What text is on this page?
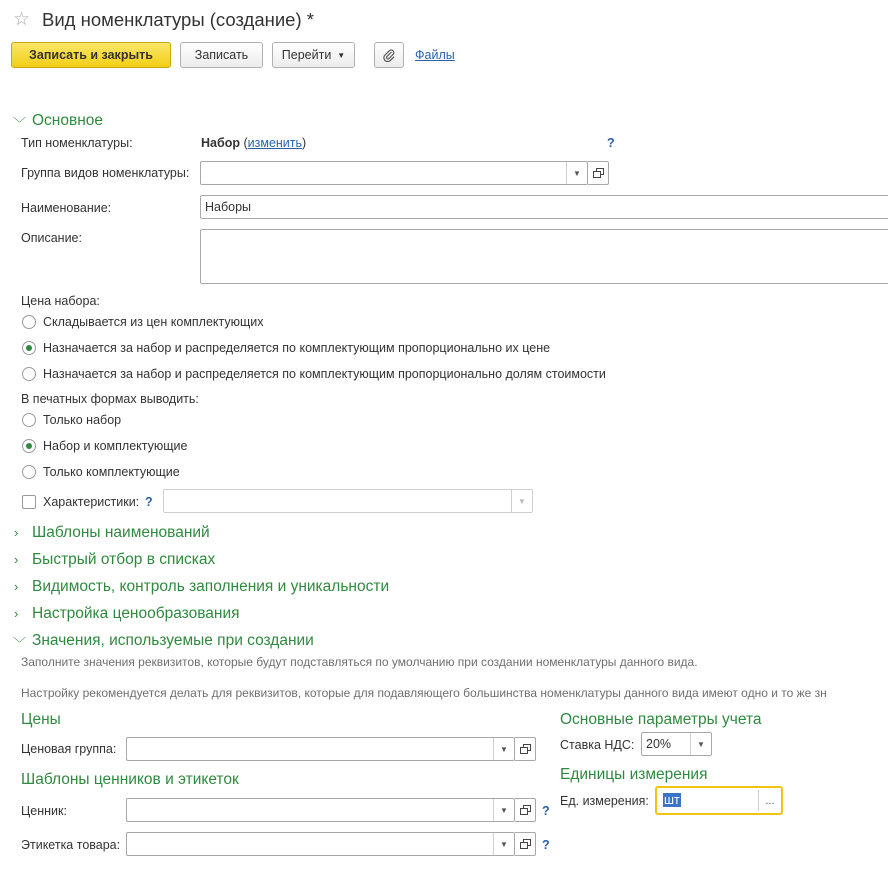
☆ Вид номенклатуры (создание) *
Записать и закрыть	Записать	Перейти ▼	Файлы
﹀ Основное
Тип номенклатуры:	Набор (изменить)	?
Группа видов номенклатуры:	▼
Наименование:	Наборы
Описание:
Цена набора:
Складывается из цен комплектующих
Назначается за набор и распределяется по комплектующим пропорционально их цене
Назначается за набор и распределяется по комплектующим пропорционально долям стоимости
В печатных формах выводить:
Только набор
Набор и комплектующие
Только комплектующие
Характеристики: ?	▼
› Шаблоны наименований
› Быстрый отбор в списках
› Видимость, контроль заполнения и уникальности
› Настройка ценообразования
﹀ Значения, используемые при создании
Заполните значения реквизитов, которые будут подставляться по умолчанию при создании номенклатуры данного вида.
Настройку рекомендуется делать для реквизитов, которые для подавляющего большинства номенклатуры данного вида имеют одно и то же зн
Цены
Ценовая группа:	▼
Шаблоны ценников и этикеток
Ценник:	▼	?
Этикетка товара:	▼	?
Основные параметры учета
Ставка НДС: 20%	▼
Единицы измерения
Ед. измерения: шт	...
